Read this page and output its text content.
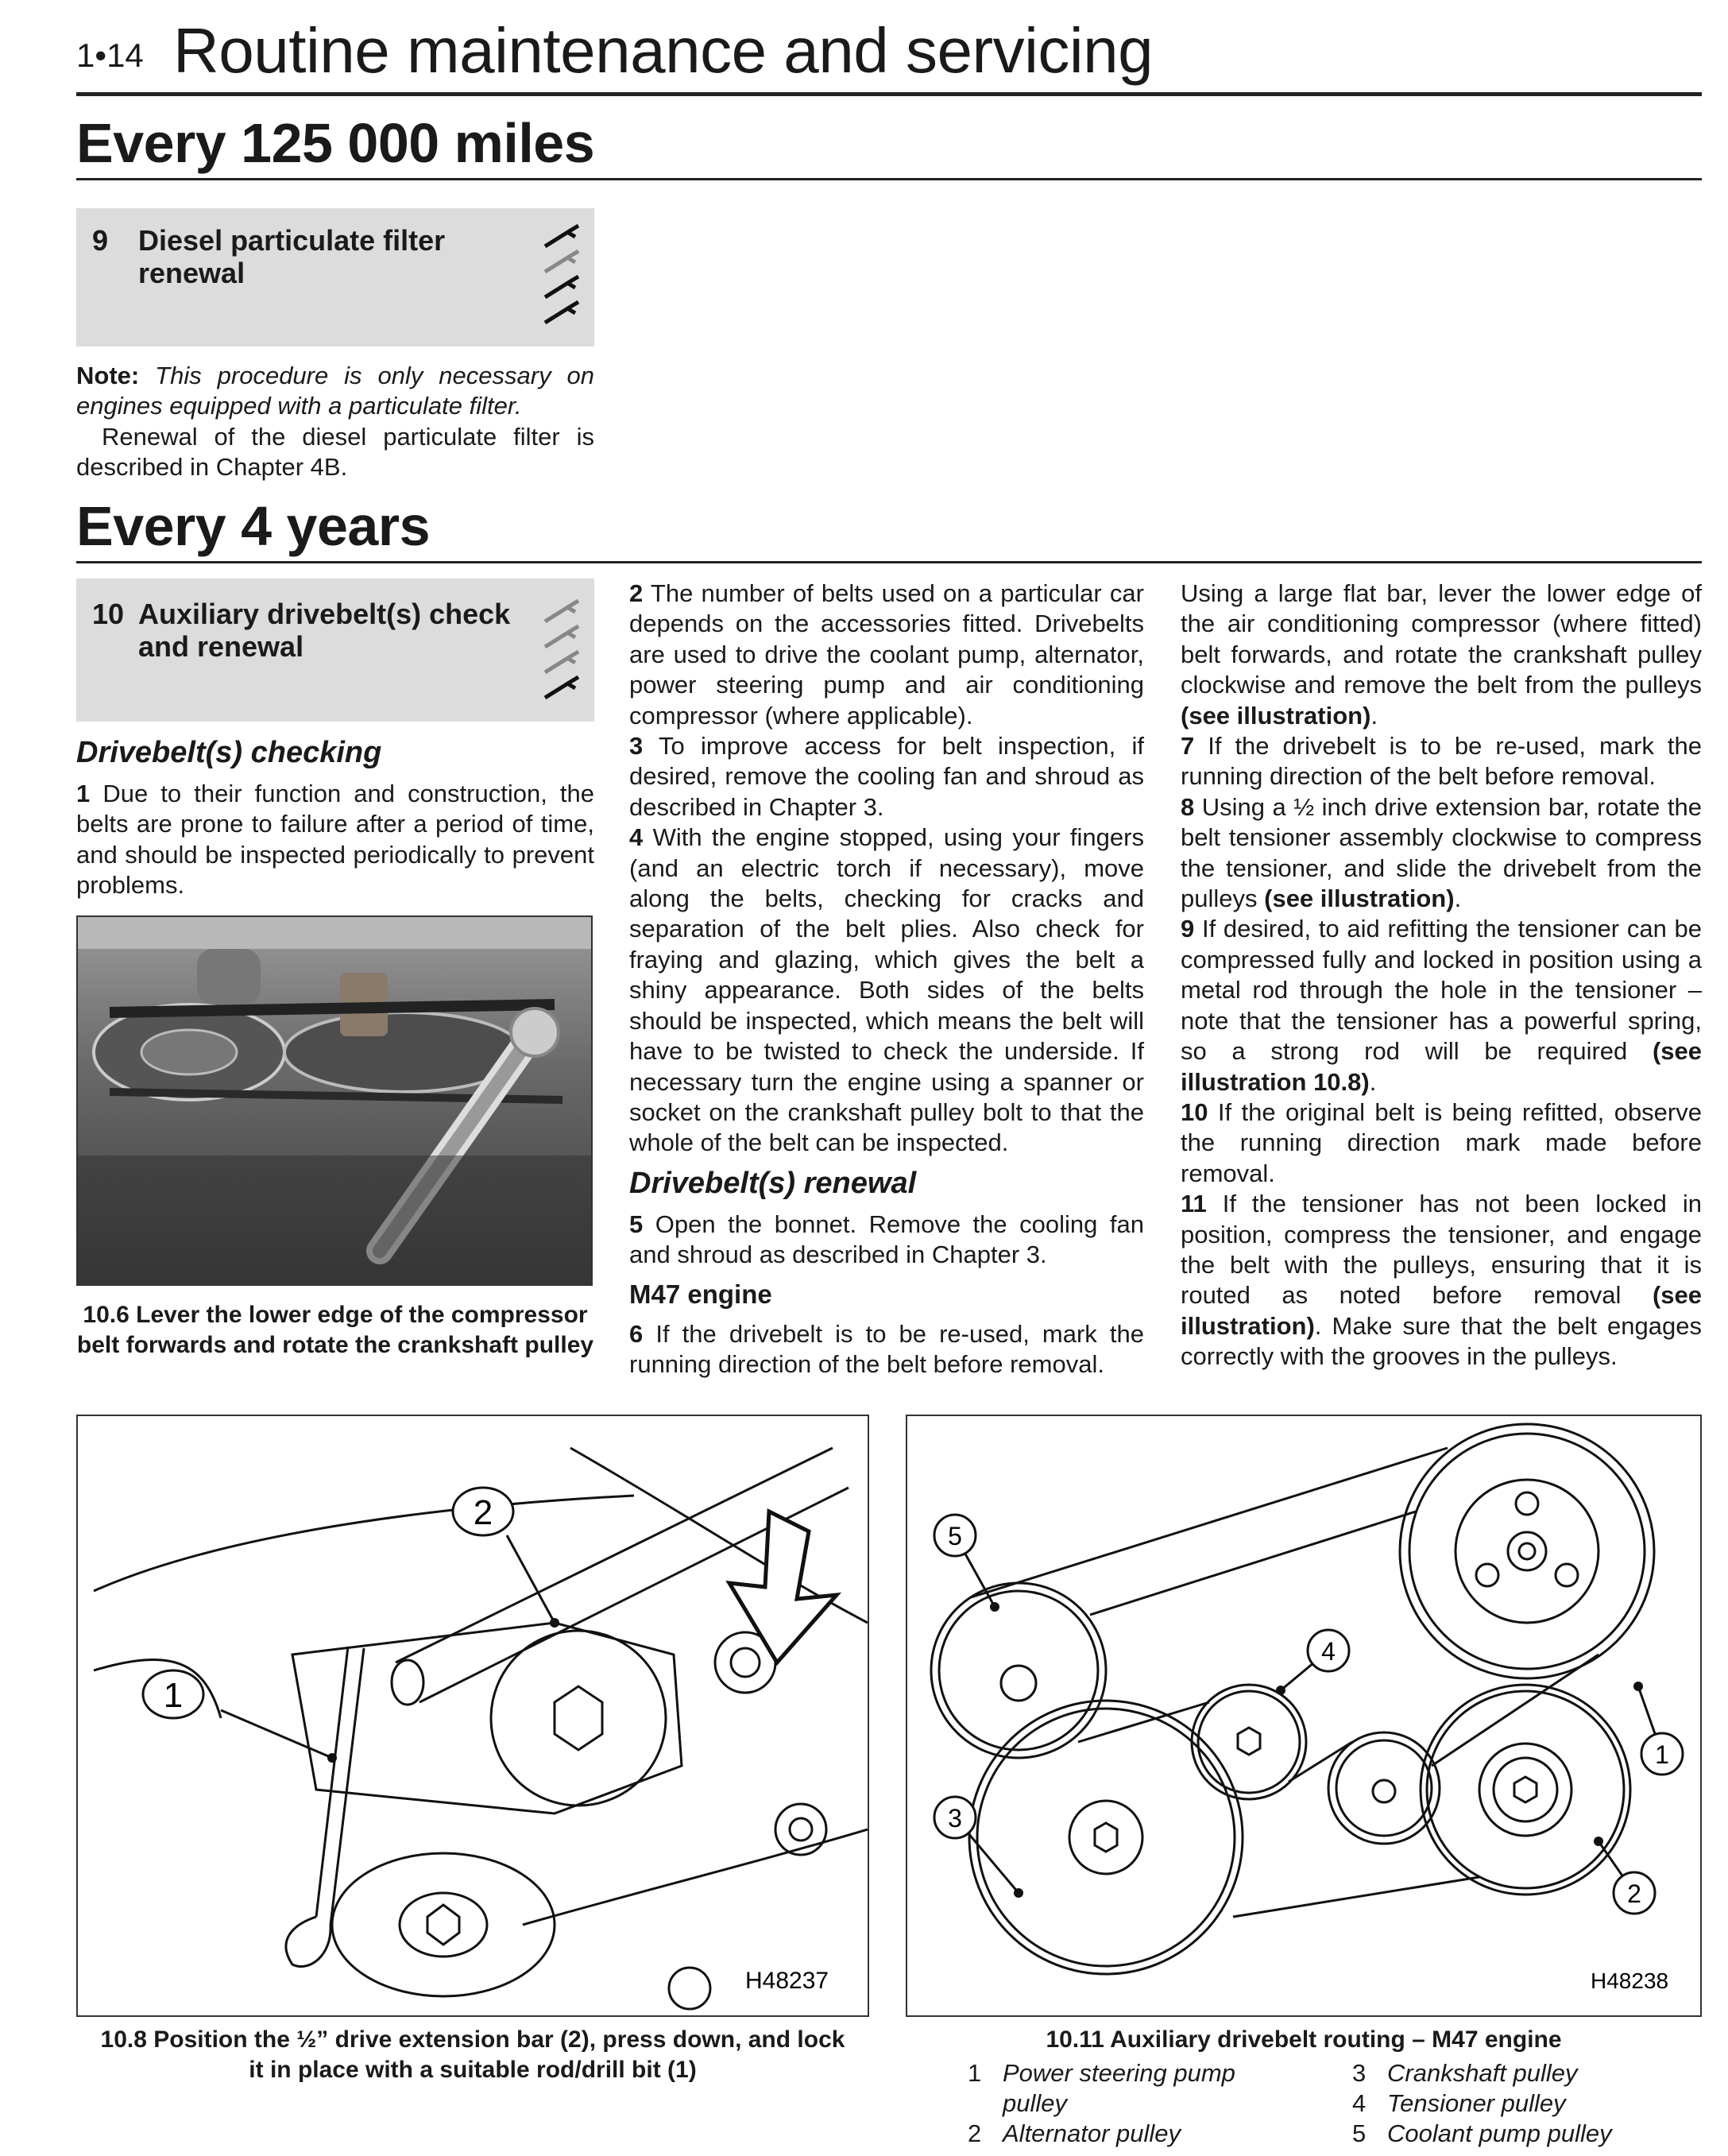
1•14 Routine maintenance and servicing
Every 125 000 miles
9 Diesel particulate filter
renewal

Note: This procedure is only necessary on engines equipped with a particulate filter.

Renewal of the diesel particulate filter is described in Chapter 4B.

Every 4 years
10 Auxiliary drivebelt(s) check
and renewal
Drivebelt(s) checking

1 Due to their function and construction, the belts are prone to failure after a period of time, and should be inspected periodically to prevent problems.

10.6 Lever the lower edge of the compressor belt forwards and rotate the crankshaft pulley

2 The number of belts used on a particular car depends on the accessories fitted. Drivebelts are used to drive the coolant pump, alternator, power steering pump and air conditioning compressor (where applicable).

3 To improve access for belt inspection, if desired, remove the cooling fan and shroud as described in Chapter 3.

4 With the engine stopped, using your fingers (and an electric torch if necessary), move along the belts, checking for cracks and separation of the belt plies. Also check for fraying and glazing, which gives the belt a shiny appearance. Both sides of the belts should be inspected, which means the belt will have to be twisted to check the underside. If necessary turn the engine using a spanner or socket on the crankshaft pulley bolt to that the whole of the belt can be inspected.

Drivebelt(s) renewal

5 Open the bonnet. Remove the cooling fan and shroud as described in Chapter 3.

M47 engine

6 If the drivebelt is to be re-used, mark the running direction of the belt before removal.

Using a large flat bar, lever the lower edge of the air conditioning compressor (where fitted) belt forwards, and rotate the crankshaft pulley clockwise and remove the belt from the pulleys (see illustration).

7 If the drivebelt is to be re-used, mark the running direction of the belt before removal.

8 Using a ½ inch drive extension bar, rotate the belt tensioner assembly clockwise to compress the tensioner, and slide the drivebelt from the pulleys (see illustration).

9 If desired, to aid refitting the tensioner can be compressed fully and locked in position using a metal rod through the hole in the tensioner – note that the tensioner has a powerful spring, so a strong rod will be required (see illustration 10.8).

10 If the original belt is being refitted, observe the running direction mark made before removal.

11 If the tensioner has not been locked in position, compress the tensioner, and engage the belt with the pulleys, ensuring that it is routed as noted before removal (see illustration). Make sure that the belt engages correctly with the grooves in the pulleys.

2
1
H48237
10.8 Position the ½” drive extension bar (2), press down, and lock
it in place with a suitable rod/drill bit (1)
5
4
1
3
2
H48238
10.11 Auxiliary drivebelt routing – M47 engine
1 Power steering pump pulley
2 Alternator pulley
3 Crankshaft pulley
4 Tensioner pulley
5 Coolant pump pulley
